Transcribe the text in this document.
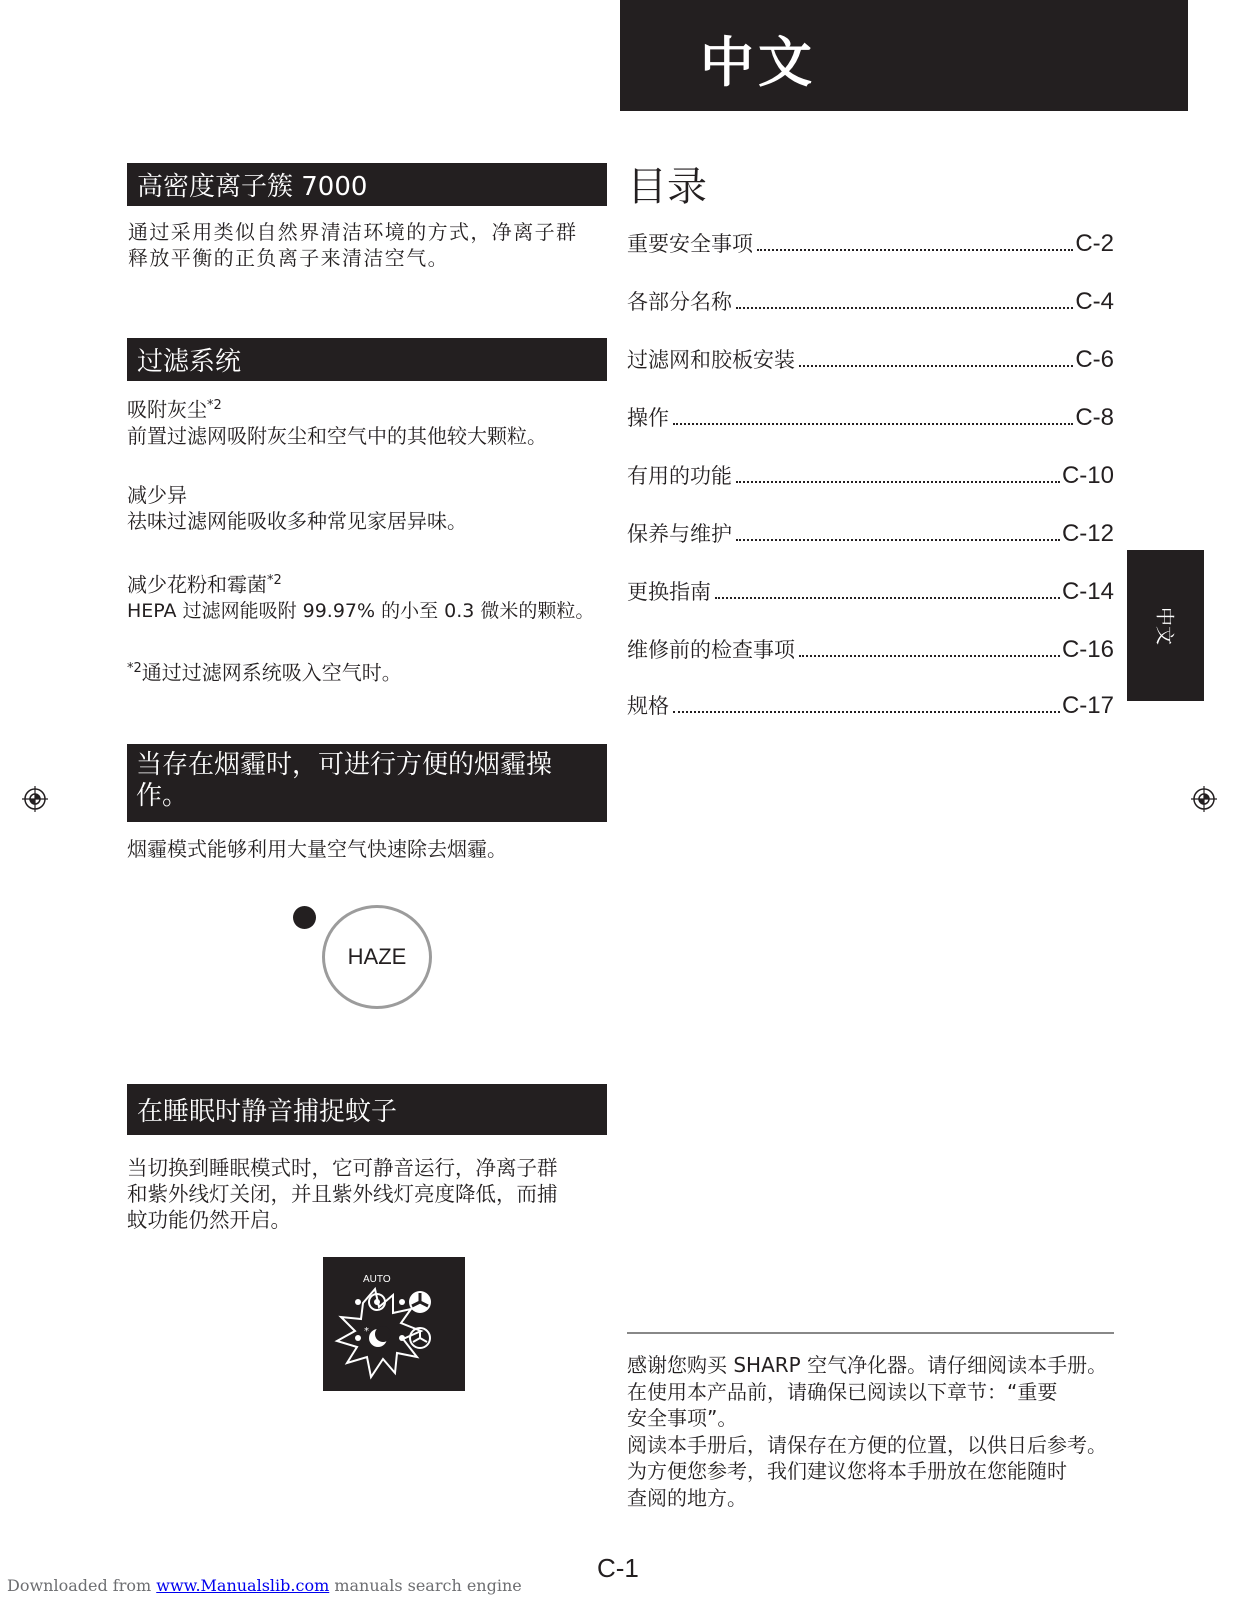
中文
高密度离子簇 7000
通过采用类似自然界清洁环境的方式，净离子群
释放平衡的正负离子来清洁空气。
过滤系统
吸附灰尘$^{*2}$
前置过滤网吸附灰尘和空气中的其他较大颗粒。
减少异
祛味过滤网能吸收多种常见家居异味。
减少花粉和霉菌$^{*2}$
HEPA 过滤网能吸附 99.97% 的小至 0.3 微米的颗粒。
$^{*2}$通过过滤网系统吸入空气时。
当存在烟霾时，可进行方便的烟霾操
作。
烟霾模式能够利用大量空气快速除去烟霾。
HAZE
在睡眠时静音捕捉蚊子
当切换到睡眠模式时，它可静音运行，净离子群
和紫外线灯关闭，并且紫外线灯亮度降低，而捕
蚊功能仍然开启。
AUTO
*
目录
重要安全事项	C-2
各部分名称	C-4
过滤网和胶板安装	C-6
操作	C-8
有用的功能	C-10
保养与维护	C-12
更换指南	C-14
维修前的检查事项	C-16
规格	C-17
中文
感谢您购买 SHARP 空气净化器。请仔细阅读本手册。
在使用本产品前，请确保已阅读以下章节：“重要
安全事项”。
阅读本手册后，请保存在方便的位置，以供日后参考。
为方便您参考，我们建议您将本手册放在您能随时
查阅的地方。
C-1
Downloaded from www.Manualslib.com manuals search engine
